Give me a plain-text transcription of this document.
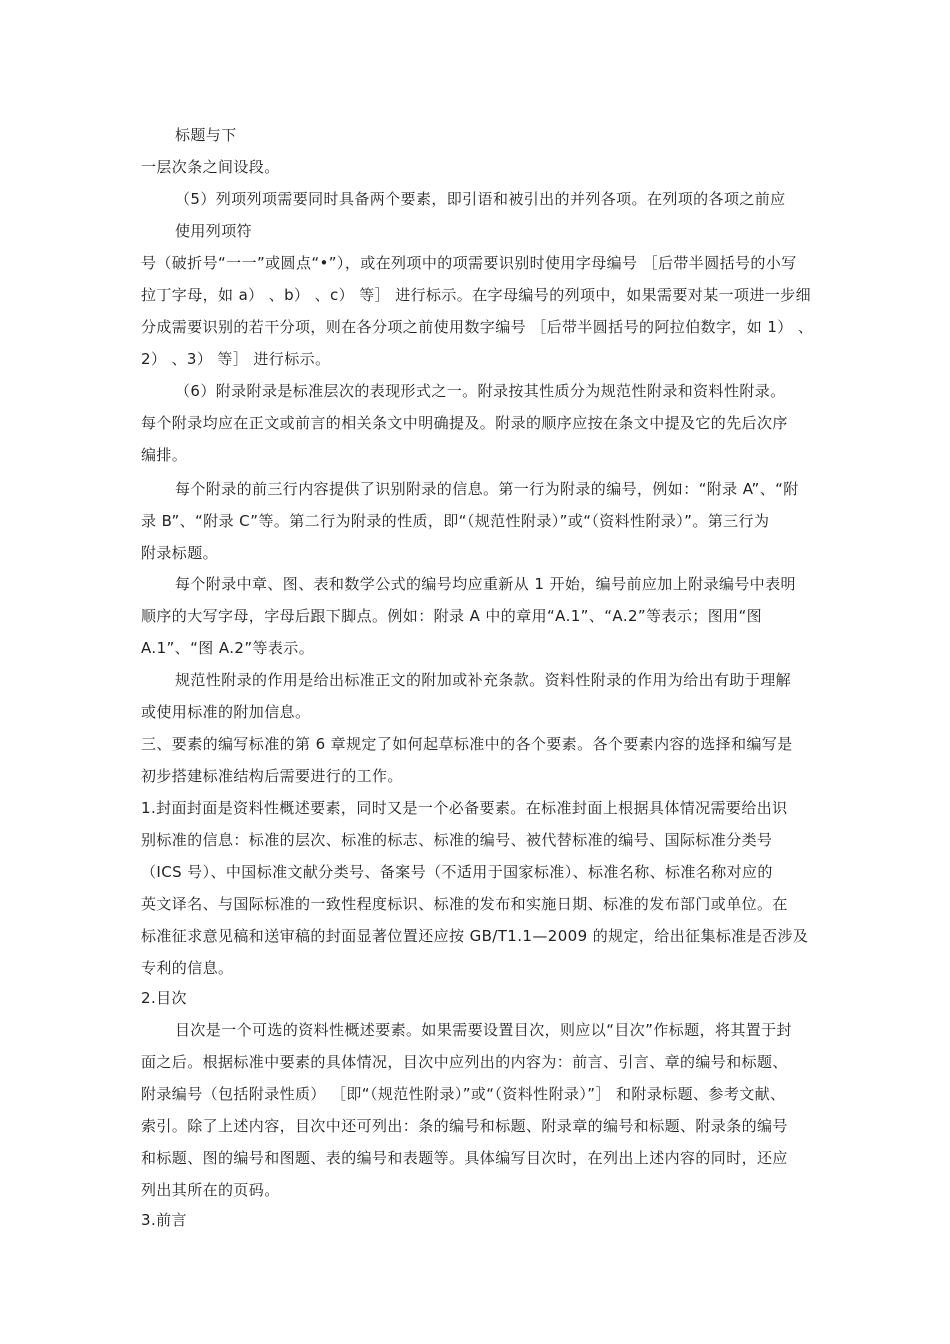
标题与下

一层次条之间设段。

（5）列项列项需要同时具备两个要素，即引语和被引出的并列各项。在列项的各项之前应

使用列项符

号（破折号“一一”或圆点“•”），或在列项中的项需要识别时使用字母编号 ［后带半圆括号的小写

拉丁字母，如 a） 、b） 、c） 等］ 进行标示。在字母编号的列项中，如果需要对某一项进一步细

分成需要识别的若干分项，则在各分项之前使用数字编号 ［后带半圆括号的阿拉伯数字，如 1） 、

2） 、3） 等］ 进行标示。

（6）附录附录是标准层次的表现形式之一。附录按其性质分为规范性附录和资料性附录。

每个附录均应在正文或前言的相关条文中明确提及。附录的顺序应按在条文中提及它的先后次序

编排。

每个附录的前三行内容提供了识别附录的信息。第一行为附录的编号，例如：“附录 A”、“附

录 B”、“附录 C”等。第二行为附录的性质，即“（规范性附录）”或“（资料性附录）”。第三行为

附录标题。

每个附录中章、图、表和数学公式的编号均应重新从 1 开始，编号前应加上附录编号中表明

顺序的大写字母，字母后跟下脚点。例如：附录 A 中的章用“A.1”、“A.2”等表示；图用“图

A.1”、“图 A.2”等表示。

规范性附录的作用是给出标准正文的附加或补充条款。资料性附录的作用为给出有助于理解

或使用标准的附加信息。

三、要素的编写标准的第 6 章规定了如何起草标准中的各个要素。各个要素内容的选择和编写是

初步搭建标准结构后需要进行的工作。

1.封面封面是资料性概述要素，同时又是一个必备要素。在标准封面上根据具体情况需要给出识

别标准的信息：标准的层次、标准的标志、标准的编号、被代替标准的编号、国际标准分类号

（ICS 号）、中国标准文献分类号、备案号（不适用于国家标准）、标准名称、标准名称对应的

英文译名、与国际标准的一致性程度标识、标准的发布和实施日期、标准的发布部门或单位。在

标准征求意见稿和送审稿的封面显著位置还应按 GB/T1.1—2009 的规定，给出征集标准是否涉及

专利的信息。

2.目次

目次是一个可选的资料性概述要素。如果需要设置目次，则应以“目次”作标题，将其置于封

面之后。根据标准中要素的具体情况，目次中应列出的内容为：前言、引言、章的编号和标题、

附录编号（包括附录性质） ［即“（规范性附录）”或“（资料性附录）”］ 和附录标题、参考文献、

索引。除了上述内容，目次中还可列出：条的编号和标题、附录章的编号和标题、附录条的编号

和标题、图的编号和图题、表的编号和表题等。具体编写目次时，在列出上述内容的同时，还应

列出其所在的页码。

3.前言
